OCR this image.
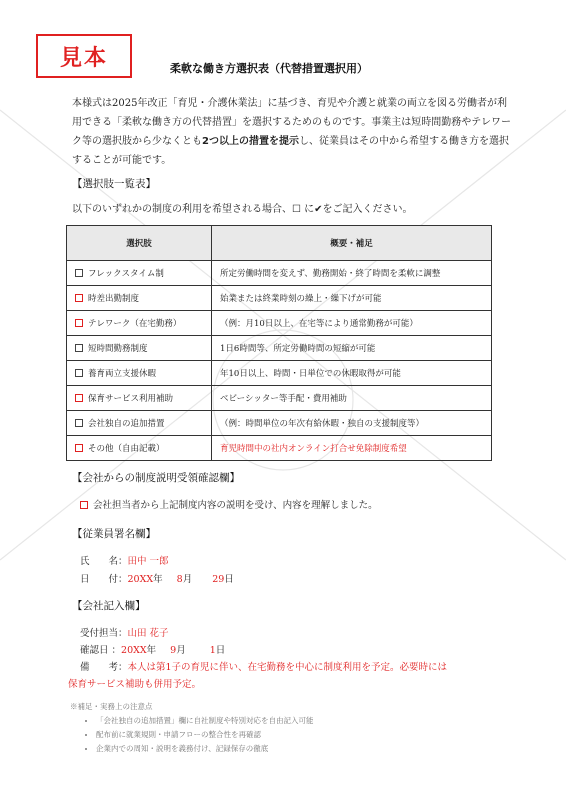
見本	柔軟な働き方選択表（代替措置選択用）
本様式は2025年改正「育児・介護休業法」に基づき、育児や介護と就業の両立を図る労働者が利用できる「柔軟な働き方の代替措置」を選択するためのものです。事業主は短時間勤務やテレワーク等の選択肢から少なくとも2つ以上の措置を提示し、従業員はその中から希望する働き方を選択することが可能です。
【選択肢一覧表】
以下のいずれかの制度の利用を希望される場合、☐ に✔をご記入ください。
選択肢	概要・補足
フレックスタイム制	所定労働時間を変えず、勤務開始・終了時間を柔軟に調整
時差出勤制度	始業または終業時刻の繰上・繰下げが可能
テレワーク（在宅勤務）	（例：月10日以上、在宅等により通常勤務が可能）
短時間勤務制度	1日6時間等、所定労働時間の短縮が可能
養育両立支援休暇	年10日以上、時間・日単位での休暇取得が可能
保育サービス利用補助	ベビーシッター等手配・費用補助
会社独自の追加措置	（例：時間単位の年次有給休暇・独自の支援制度等）
その他（自由記載）	育児時間中の社内オンライン打合せ免除制度希望
【会社からの制度説明受領確認欄】
会社担当者から上記制度内容の説明を受け、内容を理解しました。
【従業員署名欄】
氏　　名：田中 一郎
日　　付：20XX年 8月 29日
【会社記入欄】
受付担当：山田 花子
確認日 ：20XX年 9月	1日
備　　考：本人は第1子の育児に伴い、在宅勤務を中心に制度利用を予定。必要時には
保育サービス補助も併用予定。
※補足・実務上の注意点
• 「会社独自の追加措置」欄に自社制度や特別対応を自由記入可能
• 配布前に就業規則・申請フローの整合性を再確認
• 企業内での周知・説明を義務付け、記録保存の徹底
